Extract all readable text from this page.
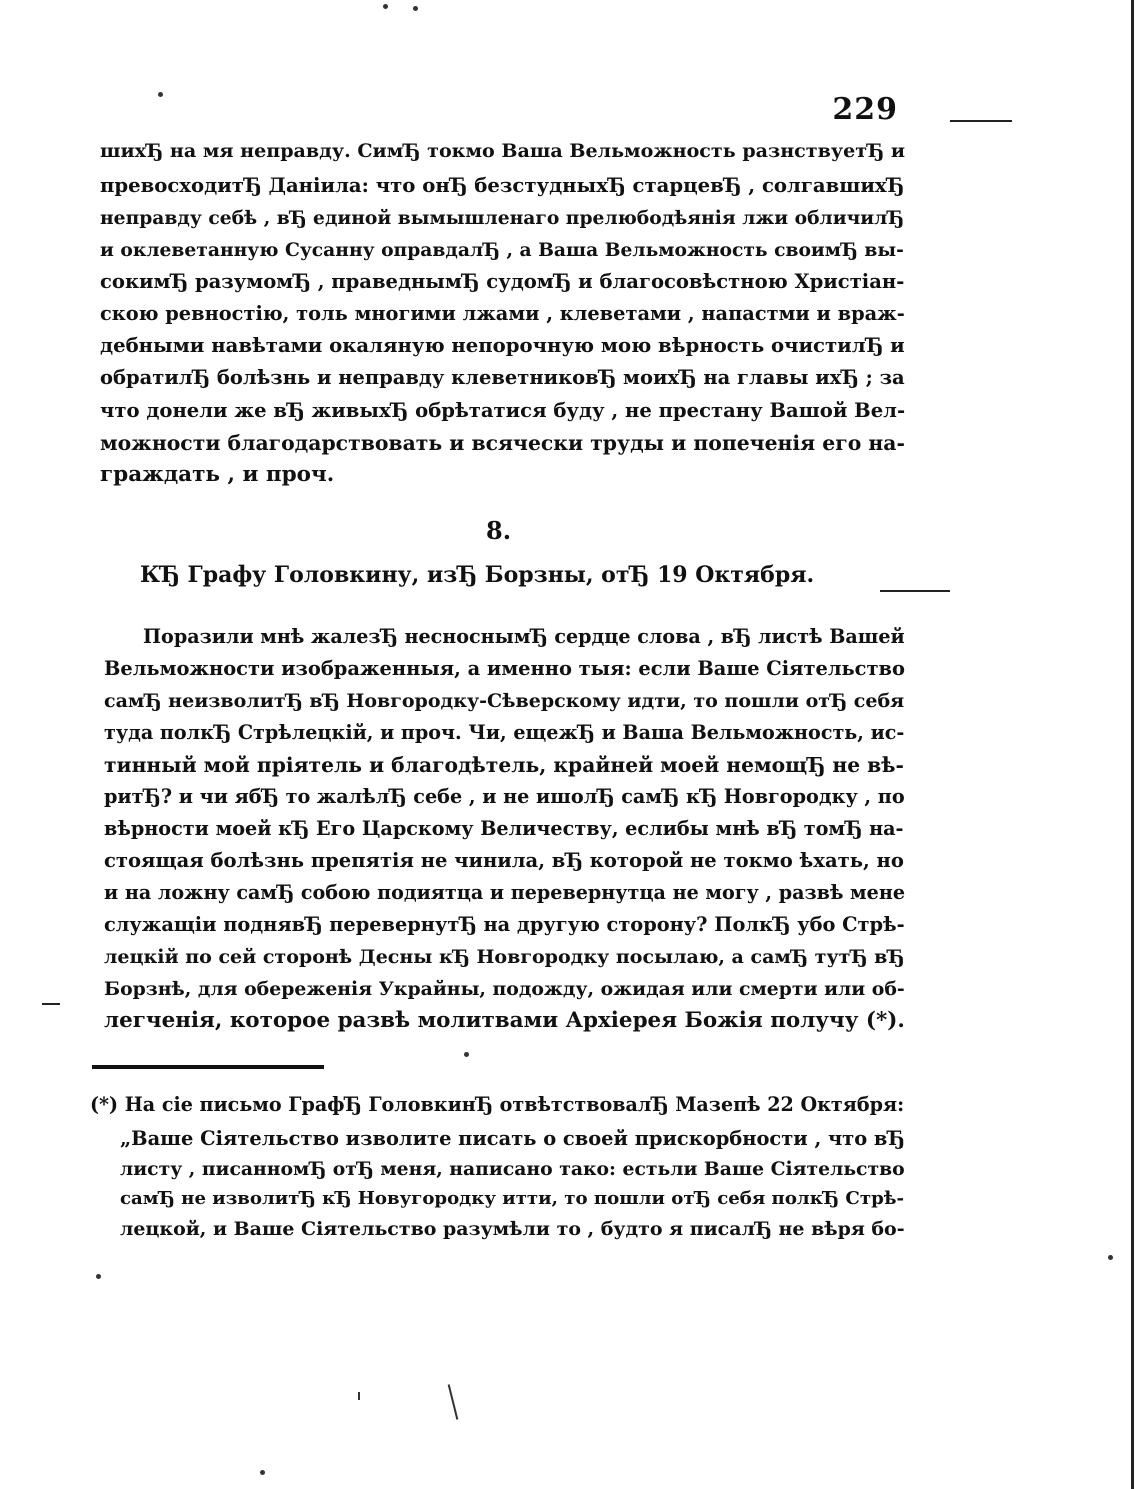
229
шихЂ на мя неправду. СимЂ токмо Ваша Вельможность разнствуетЂ и
превосходитЂ Даніила: что онЂ безстудныхЂ старцевЂ , солгавшихЂ
неправду себѣ , вЂ единой вымышленаго прелюбодѣянія лжи обличилЂ
и оклеветанную Сусанну оправдалЂ , а Ваша Вельможность своимЂ вы-
сокимЂ разумомЂ , праведнымЂ судомЂ и благосовѣстною Христіан-
скою ревностію, толь многими лжами , клеветами , напастми и враж-
дебными навѣтами окаляную непорочную мою вѣрность очистилЂ и
обратилЂ болѣзнь и неправду клеветниковЂ моихЂ на главы ихЂ ; за
что донели же вЂ живыхЂ обрѣтатися буду , не престану Вашой Вел-
можности благодарствовать и всячески труды и попеченія его на-
граждать , и проч.
8.
КЂ Графу Головкину, изЂ Борзны, отЂ 19 Октября.
Поразили мнѣ жалезЂ несноснымЂ сердце слова , вЂ листѣ Вашей
Вельможности изображенныя, а именно тыя: если Ваше Сіятельство
самЂ неизволитЂ вЂ Новгородку-Сѣверскому идти, то пошли отЂ себя
туда полкЂ Стрѣлецкій, и проч. Чи, ещежЂ и Ваша Вельможность, ис-
тинный мой пріятель и благодѣтель, крайней моей немощЂ не вѣ-
ритЂ? и чи ябЂ то жалѣлЂ себе , и не ишолЂ самЂ кЂ Новгородку , по
вѣрности моей кЂ Его Царскому Величеству, еслибы мнѣ вЂ томЂ на-
стоящая болѣзнь препятія не чинила, вЂ которой не токмо ѣхать, но
и на ложну самЂ собою подиятца и перевернутца не могу , развѣ мене
служащіи поднявЂ перевернутЂ на другую сторону? ПолкЂ убо Стрѣ-
лецкій по сей сторонѣ Десны кЂ Новгородку посылаю, а самЂ тутЂ вЂ
Борзнѣ, для обереженія Украйны, подожду, ожидая или смерти или об-
легченія, которое развѣ молитвами Архіерея Божія получу (*).
(*) На сіе письмо ГрафЂ ГоловкинЂ отвѣтствовалЂ Мазепѣ 22 Октября:
„Ваше Сіятельство изволите писать о своей прискорбности , что вЂ
листу , писанномЂ отЂ меня, написано тако: естьли Ваше Сіятельство
самЂ не изволитЂ кЂ Новугородку итти, то пошли отЂ себя полкЂ Стрѣ-
лецкой, и Ваше Сіятельство разумѣли то , будто я писалЂ не вѣря бо-
